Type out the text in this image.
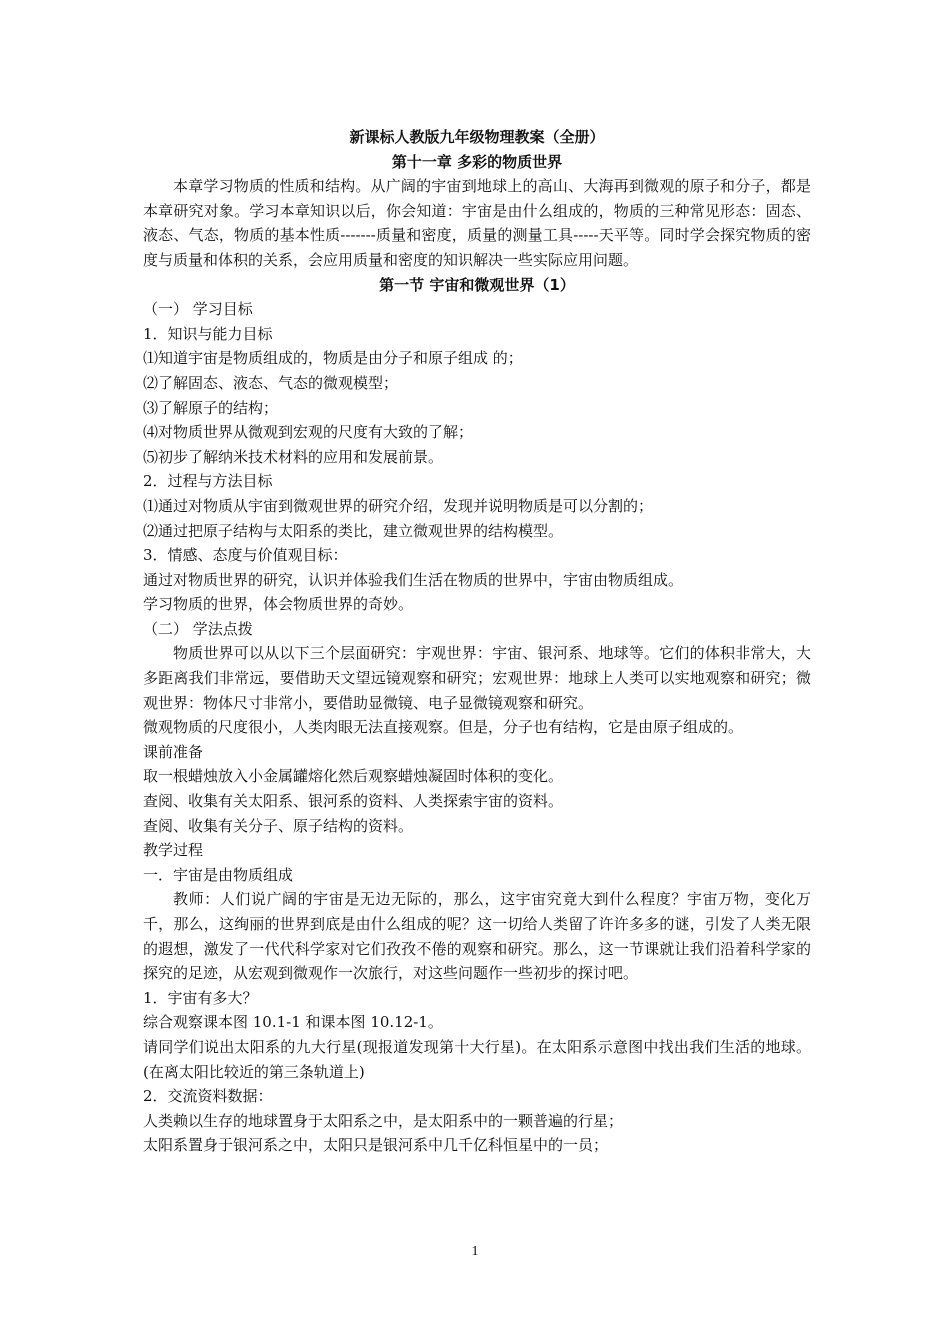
新课标人教版九年级物理教案（全册）

第十一章 多彩的物质世界

本章学习物质的性质和结构。从广阔的宇宙到地球上的高山、大海再到微观的原子和分子，都是本章研究对象。学习本章知识以后，你会知道：宇宙是由什么组成的，物质的三种常见形态：固态、液态、气态，物质的基本性质-------质量和密度，质量的测量工具-----天平等。同时学会探究物质的密度与质量和体积的关系，会应用质量和密度的知识解决一些实际应用问题。

第一节 宇宙和微观世界（1）

（一） 学习目标

1．知识与能力目标

⑴知道宇宙是物质组成的，物质是由分子和原子组成 的；

⑵了解固态、液态、气态的微观模型；

⑶了解原子的结构；

⑷对物质世界从微观到宏观的尺度有大致的了解；

⑸初步了解纳米技术材料的应用和发展前景。

2．过程与方法目标

⑴通过对物质从宇宙到微观世界的研究介绍，发现并说明物质是可以分割的；

⑵通过把原子结构与太阳系的类比，建立微观世界的结构模型。

3．情感、态度与价值观目标：

通过对物质世界的研究，认识并体验我们生活在物质的世界中，宇宙由物质组成。

学习物质的世界，体会物质世界的奇妙。

（二） 学法点拨

物质世界可以从以下三个层面研究：宇观世界：宇宙、银河系、地球等。它们的体积非常大，大多距离我们非常远，要借助天文望远镜观察和研究；宏观世界：地球上人类可以实地观察和研究；微观世界：物体尺寸非常小，要借助显微镜、电子显微镜观察和研究。

微观物质的尺度很小，人类肉眼无法直接观察。但是，分子也有结构，它是由原子组成的。

课前准备

取一根蜡烛放入小金属罐熔化然后观察蜡烛凝固时体积的变化。

查阅、收集有关太阳系、银河系的资料、人类探索宇宙的资料。

查阅、收集有关分子、原子结构的资料。

教学过程

一．宇宙是由物质组成

教师：人们说广阔的宇宙是无边无际的，那么，这宇宙究竟大到什么程度？宇宙万物，变化万千，那么，这绚丽的世界到底是由什么组成的呢？这一切给人类留了许许多多的谜，引发了人类无限的遐想，激发了一代代科学家对它们孜孜不倦的观察和研究。那么，这一节课就让我们沿着科学家的探究的足迹，从宏观到微观作一次旅行，对这些问题作一些初步的探讨吧。

1．宇宙有多大？

综合观察课本图 10.1-1 和课本图 10.12-1。

请同学们说出太阳系的九大行星(现报道发现第十大行星)。在太阳系示意图中找出我们生活的地球。(在离太阳比较近的第三条轨道上)

2．交流资料数据：

人类赖以生存的地球置身于太阳系之中，是太阳系中的一颗普遍的行星；

太阳系置身于银河系之中，太阳只是银河系中几千亿科恒星中的一员；

1
